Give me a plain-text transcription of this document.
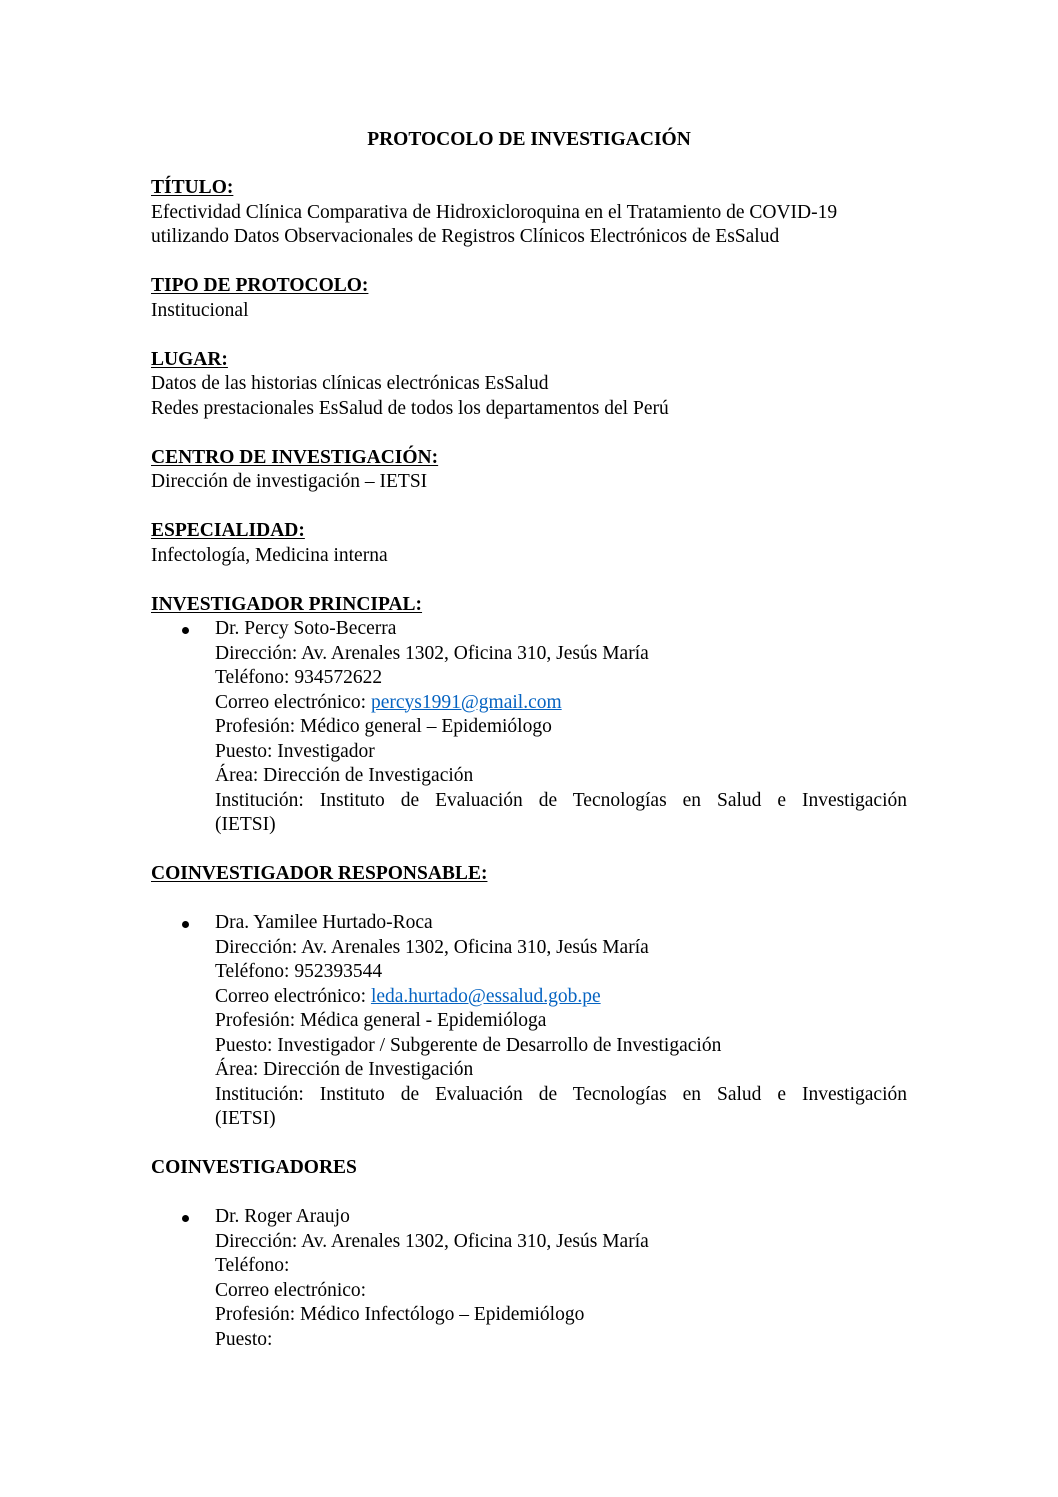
PROTOCOLO DE INVESTIGACIÓN

TÍTULO:

Efectividad Clínica Comparativa de Hidroxicloroquina en el Tratamiento de COVID-19

utilizando Datos Observacionales de Registros Clínicos Electrónicos de EsSalud

TIPO DE PROTOCOLO:

Institucional

LUGAR:

Datos de las historias clínicas electrónicas EsSalud

Redes prestacionales EsSalud de todos los departamentos del Perú

CENTRO DE INVESTIGACIÓN:

Dirección de investigación – IETSI

ESPECIALIDAD:

Infectología, Medicina interna

INVESTIGADOR PRINCIPAL:

Dr. Percy Soto-Becerra

Dirección: Av. Arenales 1302, Oficina 310, Jesús María

Teléfono: 934572622

Correo electrónico: percys1991@gmail.com

Profesión: Médico general – Epidemiólogo

Puesto: Investigador

Área: Dirección de Investigación

Institución: Instituto de Evaluación de Tecnologías en Salud e Investigación

(IETSI)

COINVESTIGADOR RESPONSABLE:

Dra. Yamilee Hurtado-Roca

Dirección: Av. Arenales 1302, Oficina 310, Jesús María

Teléfono: 952393544

Correo electrónico: leda.hurtado@essalud.gob.pe

Profesión: Médica general - Epidemióloga

Puesto: Investigador / Subgerente de Desarrollo de Investigación

Área: Dirección de Investigación

Institución: Instituto de Evaluación de Tecnologías en Salud e Investigación

(IETSI)

COINVESTIGADORES

Dr. Roger Araujo

Dirección: Av. Arenales 1302, Oficina 310, Jesús María

Teléfono:

Correo electrónico:

Profesión: Médico Infectólogo – Epidemiólogo

Puesto:
